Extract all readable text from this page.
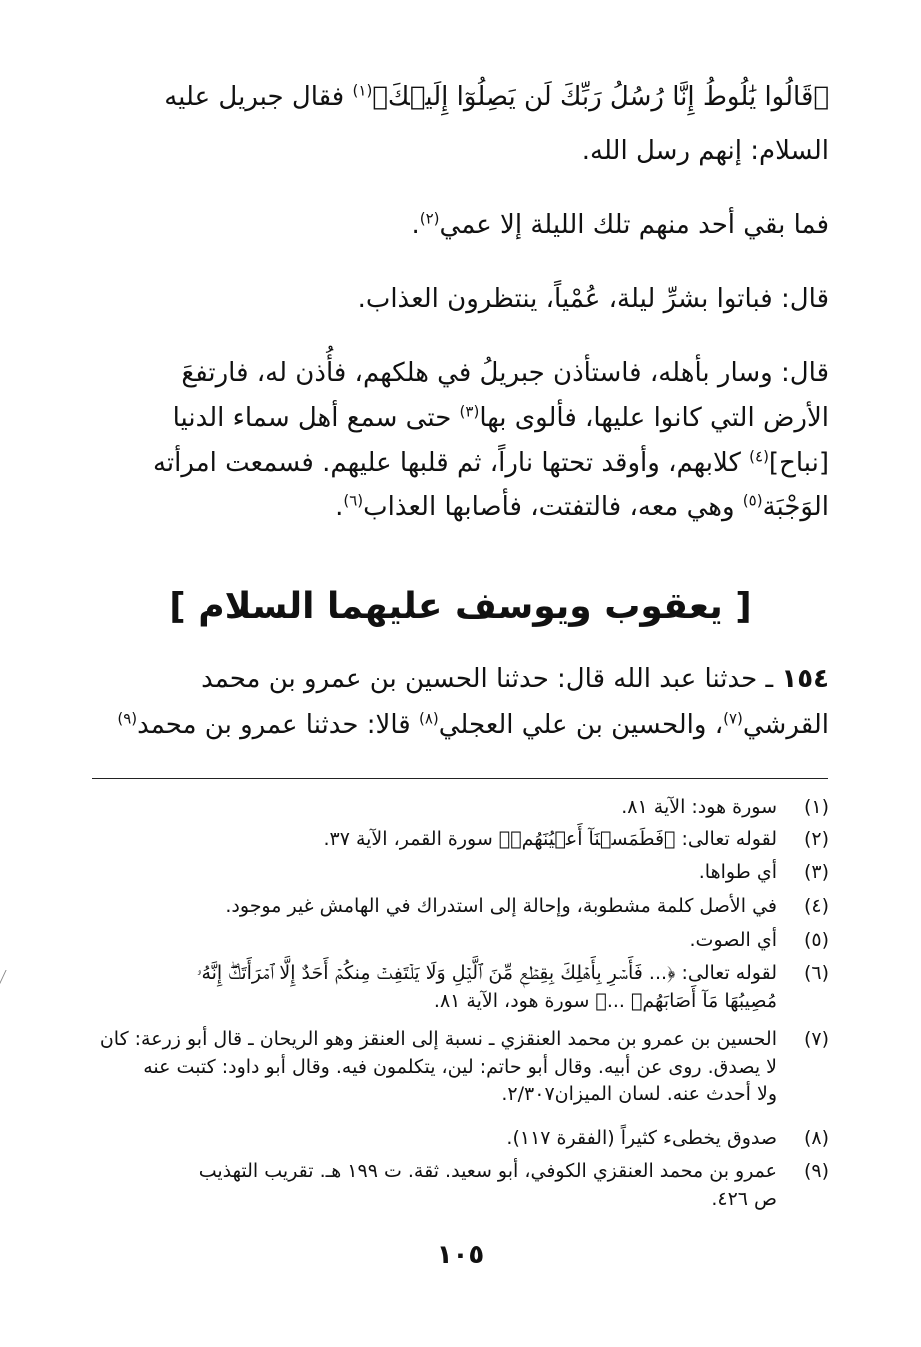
﴿قَالُوا يَٰلُوطُ إِنَّا رُسُلُ رَبِّكَ لَن يَصِلُوٓا إِلَيۡكَ﴾$^{(١)}$ فقال جبريل عليه
السلام: إنهم رسل الله.
فما بقي أحد منهم تلك الليلة إلا عمي$^{(٢)}$.
قال: فباتوا بشرِّ ليلة، عُمْياً، ينتظرون العذاب.
قال: وسار بأهله، فاستأذن جبريلُ في هلكهم، فأُذن له، فارتفعَ
الأرض التي كانوا عليها، فألوى بها$^{(٣)}$ حتى سمع أهل سماء الدنيا
[نباح]$^{(٤)}$ كلابهم، وأوقد تحتها ناراً، ثم قلبها عليهم. فسمعت امرأته
الوَجْبَة$^{(٥)}$ وهي معه، فالتفتت، فأصابها العذاب$^{(٦)}$.
[ يعقوب ويوسف عليهما السلام ]
١٥٤ ـ حدثنا عبد الله قال: حدثنا الحسين بن عمرو بن محمد
القرشي$^{(٧)}$، والحسين بن علي العجلي$^{(٨)}$ قالا: حدثنا عمرو بن محمد$^{(٩)}$
(١)
سورة هود: الآية ٨١.
(٢)
لقوله تعالى: ﴿فَطَمَسۡنَآ أَعۡيُنَهُمۡ﴾ سورة القمر، الآية ٣٧.
(٣)
أي طواها.
(٤)
في الأصل كلمة مشطوبة، وإحالة إلى استدراك في الهامش غير موجود.
(٥)
أي الصوت.
(٦)
لقوله تعالى: ﴿... فَأَسۡرِ بِأَهۡلِكَ بِقِطۡعٖ مِّنَ ٱلَّيۡلِ وَلَا يَلۡتَفِتۡ مِنكُمۡ أَحَدٌ إِلَّا ٱمۡرَأَتَكَۖ إِنَّهُۥ
مُصِيبُهَا مَآ أَصَابَهُمۡ ...﴾ سورة هود، الآية ٨١.
(٧)
الحسين بن عمرو بن محمد العنقزي ـ نسبة إلى العنقز وهو الريحان ـ قال أبو زرعة: كان
لا يصدق. روى عن أبيه. وقال أبو حاتم: لين، يتكلمون فيه. وقال أبو داود: كتبت عنه
ولا أحدث عنه. لسان الميزان٢/٣٠٧.
(٨)
صدوق يخطىء كثيراً (الفقرة ١١٧).
(٩)
عمرو بن محمد العنقزي الكوفي، أبو سعيد. ثقة. ت ١٩٩ هـ. تقريب التهذيب
ص ٤٢٦.
١٠٥
